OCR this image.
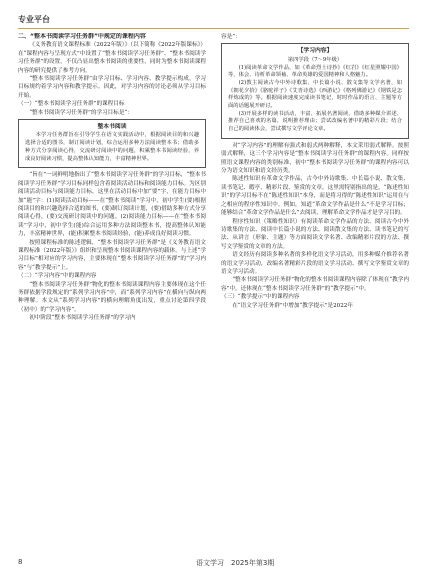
专业平台
二、“整本书阅读学习任务群”中规定的课程内容

《义务教育语文课程标准（2022年版）》（以下简称《2022年版课标》）在“课程内容与呈现方式”中设置了“整本书阅读学习任务群”、“整本书阅读学习任务群”的设置，不仅凸显出整本书阅读的重要性，同时为整本书阅读课程内容的研究提供了参考方向。

“整本书阅读学习任务群”由学习目标、学习内容、教学提示构成。学习目标规约着学习内容和教学提示。因此，对学习内容的讨论必须从学习目标开始。

（一）“整本书阅读学习任务群”的课程目标

“整本书阅读学习任务群”的学习目标是“：

整本书阅读

本学习任务群旨在引导学生在语文实践活动中，根据阅读目的和兴趣选择合适的图书，制订阅读计划，综合运用多种方法阅读整本书；借助多种方式分享阅读心得，交流研讨阅读中的问题，积累整本书阅读经验，养成良好阅读习惯，提高整体认知能力，丰富精神世界。

“旨在”一词鲜明地指出了“整本书阅读学习任务群”的学习目标，“整本书阅读学习任务群”学习目标同样包含着阅读活动目标和阅读能力目标。为区别阅读活动目标与阅读能力目标，这里在活动目标中加“要”字，在能力目标中加“能”字：(1)阅读活动目标——在“整本书阅读”学习中，初中学生(要)根据阅读目的和兴趣选择合适的图书，(要)制订阅读计划，(要)借助多种方式分享阅读心得，(要)交流研讨阅读中的问题。(2)阅读能力目标——在“整本书阅读”学习中，初中学生(能)综合运用多种方法阅读整本书，提高整体认知能力，丰富精神世界，(能)积累整本书阅读经验，(能)养成良好阅读习惯。

按照课程标准的陈述逻辑，“整本书阅读学习任务群”是《义务教育语文课程标准（2022年版）》组织和呈现整本书阅读课程内容的载体。与上述“学习目标”相对应的学习内容，主要体现在“整本书阅读学习任务群”的“学习内容”与“教学提示”上。

（二）“学习内容”中的课程内容

“整本书阅读学习任务群”物化的整本书阅读课程内容主要体现在这个任务群依据学段规定的“系列学习内容”中，而“系列学习内容”在横向与纵向两种理解。本文从“系列学习内容”的横向理解角度出发，重点讨论第四学段（初中）的“学习内容”。

初中阶段“整本书阅读学习任务群”的学习内

容是”：

【学习内容】

第四学段（7～9年级）

(1)阅读革命文学作品，如《革命烈士诗抄》《红岩》《红星照耀中国》等，体会、诗析革命领袖、革命英雄的爱国精神和人格魅力。

(2)教主阅读古今中外诗歌集、中长篇小说、散文集等文学名著，如《朝花夕拾》《骆驼祥子》《艾青诗选》《西游记》《格列佛游记》《钢铁是怎样炼成的》等。根据阅读速度完成读书笔记，时时作品的语言、主题等方面的话题展开研讨。

(3)开展多样的读书活动，丰富、拓展名著阅读，借助多种媒介讲述、推荐自己喜欢的名篇，说明推荐理由；尝试改编名著中的精彩片段；结合自己的阅读体会，尝试撰写文学评论文章。

对“学习内容”的理解有强式和弱式两种解释，本文采用弱式解释。按照弱式解释，这三个学习内容是“整本书阅读学习任务群”的课程内容。同样按照语文课程内容的类别标准，初中“整本书阅读学习任务群”的课程内容可以分为语文知识和语文经历类。

陈述性知识有革命文学作品，古今中外诗歌集、中长篇小说、散文集、读书笔记、暇亭、精彩片段、鉴赏的文章。这里需特别指出的是，“陈述性知识”的学习目标不在“陈述性知识”本身，而是将习得的“陈述性知识”运用在与之相应的程序性知识中。例如，知道“革命文学作品是什么”不是学习目标；能够结合“革命文学作品是什么”去阅读，理解革命文学作品才是学习目的。

程序性知识（策略性知识）有阅读革命文学作品的方法、阅读古今中外诗歌集的方法、阅读中长篇小说的方法、阅读散文集的方法、读书笔记的写法、从讲言（形象、主题）等方面阅读文学名著、改编精彩片段的方法、撰写文学鉴赏的文章的方法。

语文经历有阅读多种名著的多样化语文学习活动，用多种媒介推荐名著的语文学习活动，改编名著精彩片段的语文学习活动、撰写文学鉴赏文章的语文学习活动。

“整本书阅读学习任务群”物化的整本书阅读课程内容除了体现在“教学内容”中，还体现在“整本书阅读学习任务群”的“教学提示”中。

（三）“教学提示”中的课程内容

在“语文学习任务群”中增加“教学提示”是2022年

8	语文学习　2025年第3期
